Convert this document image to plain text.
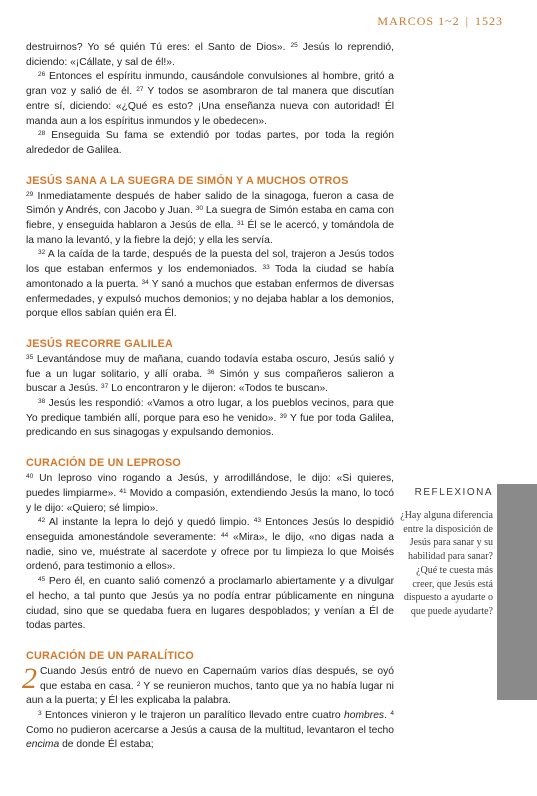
MARCOS 1~2 | 1523

destruirnos? Yo sé quién Tú eres: el Santo de Dios». $^{25}$ Jesús lo reprendió, diciendo: «¡Cállate, y sal de él!».

$^{26}$ Entonces el espíritu inmundo, causándole convulsiones al hombre, gritó a gran voz y salió de él. $^{27}$ Y todos se asombraron de tal manera que discutían entre sí, diciendo: «¿Qué es esto? ¡Una enseñanza nueva con autoridad! Él manda aun a los espíritus inmundos y le obedecen».

$^{28}$ Enseguida Su fama se extendió por todas partes, por toda la región alrededor de Galilea.

JESÚS SANA A LA SUEGRA DE SIMÓN Y A MUCHOS OTROS

$^{29}$ Inmediatamente después de haber salido de la sinagoga, fueron a casa de Simón y Andrés, con Jacobo y Juan. $^{30}$ La suegra de Simón estaba en cama con fiebre, y enseguida hablaron a Jesús de ella. $^{31}$ Él se le acercó, y tomándola de la mano la levantó, y la fiebre la dejó; y ella les servía.

$^{32}$ A la caída de la tarde, después de la puesta del sol, trajeron a Jesús todos los que estaban enfermos y los endemoniados. $^{33}$ Toda la ciudad se había amontonado a la puerta. $^{34}$ Y sanó a muchos que estaban enfermos de diversas enfermedades, y expulsó muchos demonios; y no dejaba hablar a los demonios, porque ellos sabían quién era Él.

JESÚS RECORRE GALILEA

$^{35}$ Levantándose muy de mañana, cuando todavía estaba oscuro, Jesús salió y fue a un lugar solitario, y allí oraba. $^{36}$ Simón y sus compañeros salieron a buscar a Jesús. $^{37}$ Lo encontraron y le dijeron: «Todos te buscan».

$^{38}$ Jesús les respondió: «Vamos a otro lugar, a los pueblos vecinos, para que Yo predique también allí, porque para eso he venido». $^{39}$ Y fue por toda Galilea, predicando en sus sinagogas y expulsando demonios.

CURACIÓN DE UN LEPROSO

$^{40}$ Un leproso vino rogando a Jesús, y arrodillándose, le dijo: «Si quieres, puedes limpiarme». $^{41}$ Movido a compasión, extendiendo Jesús la mano, lo tocó y le dijo: «Quiero; sé limpio».

$^{42}$ Al instante la lepra lo dejó y quedó limpio. $^{43}$ Entonces Jesús lo despidió enseguida amonestándole severamente: $^{44}$ «Mira», le dijo, «no digas nada a nadie, sino ve, muéstrate al sacerdote y ofrece por tu limpieza lo que Moisés ordenó, para testimonio a ellos».

$^{45}$ Pero él, en cuanto salió comenzó a proclamarlo abiertamente y a divulgar el hecho, a tal punto que Jesús ya no podía entrar públicamente en ninguna ciudad, sino que se quedaba fuera en lugares despoblados; y venían a Él de todas partes.

CURACIÓN DE UN PARALÍTICO

2 Cuando Jesús entró de nuevo en Capernaúm varios días después, se oyó que estaba en casa. $^2$ Y se reunieron muchos, tanto que ya no había lugar ni aun a la puerta; y Él les explicaba la palabra.

$^3$ Entonces vinieron y le trajeron un paralítico llevado entre cuatro hombres. $^4$ Como no pudieron acercarse a Jesús a causa de la multitud, levantaron el techo encima de donde Él estaba;

REFLEXIONA
¿Hay alguna diferencia entre la disposición de Jesús para sanar y su habilidad para sanar? ¿Qué te cuesta más creer, que Jesús está dispuesto a ayudarte o que puede ayudarte?
